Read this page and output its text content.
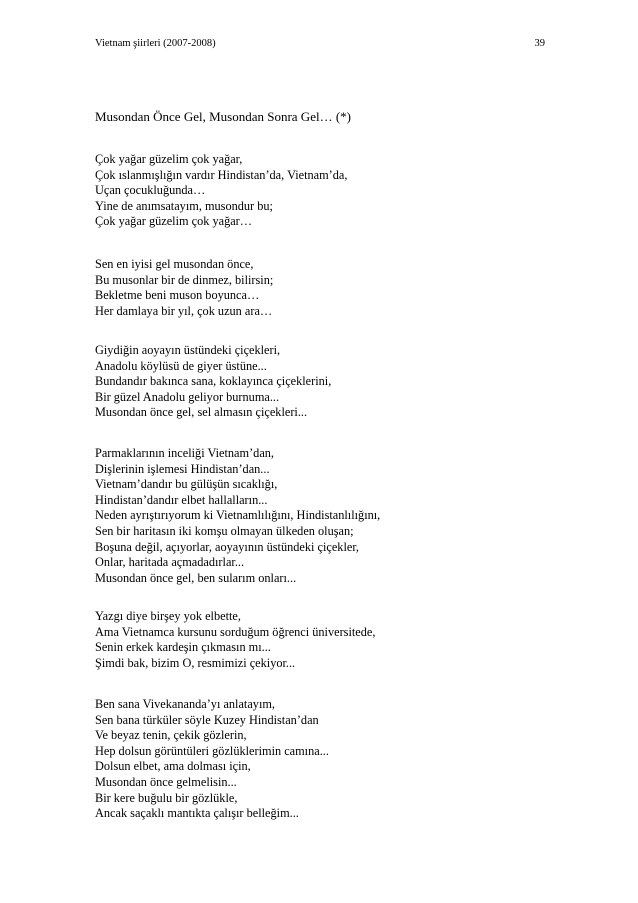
Vietnam şiirleri (2007-2008)	39
Musondan Önce Gel, Musondan Sonra Gel… (*)
Çok yağar güzelim çok yağar,
Çok ıslanmışlığın vardır Hindistan’da, Vietnam’da,
Uçan çocukluğunda…
Yine de anımsatayım, musondur bu;
Çok yağar güzelim çok yağar…
Sen en iyisi gel musondan önce,
Bu musonlar bir de dinmez, bilirsin;
Bekletme beni muson boyunca…
Her damlaya bir yıl, çok uzun ara…
Giydiğin aoyayın üstündeki çiçekleri,
Anadolu köylüsü de giyer üstüne...
Bundandır bakınca sana, koklayınca çiçeklerini,
Bir güzel Anadolu geliyor burnuma...
Musondan önce gel, sel almasın çiçekleri...
Parmaklarının inceliği Vietnam’dan,
Dişlerinin işlemesi Hindistan’dan...
Vietnam’dandır bu gülüşün sıcaklığı,
Hindistan’dandır elbet hallalların...
Neden ayrıştırıyorum ki Vietnamlılığını, Hindistanlılığını,
Sen bir haritasın iki komşu olmayan ülkeden oluşan;
Boşuna değil, açıyorlar, aoyayının üstündeki çiçekler,
Onlar, haritada açmadadırlar...
Musondan önce gel, ben sularım onları...
Yazgı diye birşey yok elbette,
Ama Vietnamca kursunu sorduğum öğrenci üniversitede,
Senin erkek kardeşin çıkmasın mı...
Şimdi bak, bizim O, resmimizi çekiyor...
Ben sana Vivekananda’yı anlatayım,
Sen bana türküler söyle Kuzey Hindistan’dan
Ve beyaz tenin, çekik gözlerin,
Hep dolsun görüntüleri gözlüklerimin camına...
Dolsun elbet, ama dolması için,
Musondan önce gelmelisin...
Bir kere buğulu bir gözlükle,
Ancak saçaklı mantıkta çalışır belleğim...
